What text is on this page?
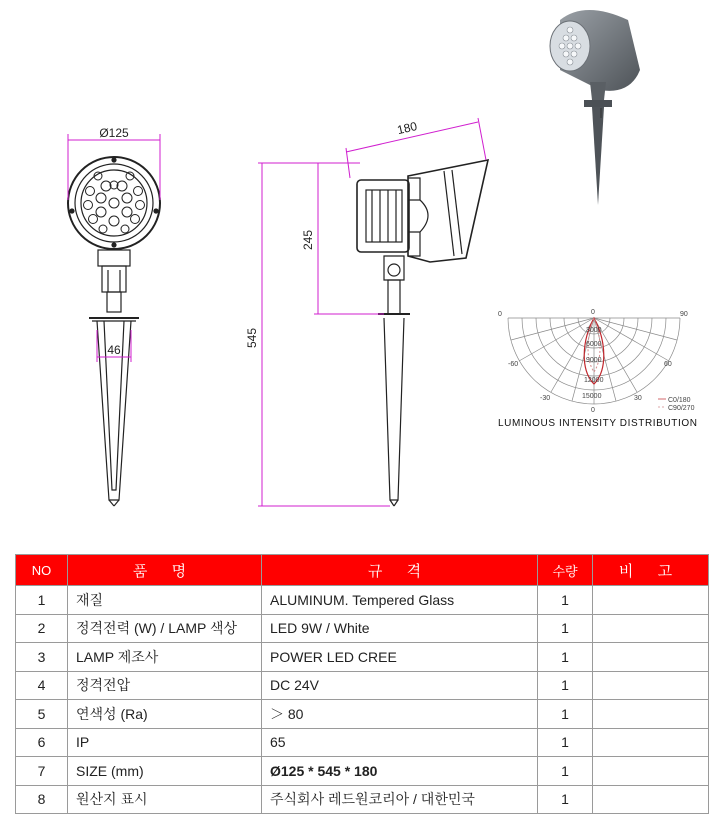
Ø125
46
545
245
180
3000
6000
9000
12000
15000
0	0	90
-60	60
-30	30
0
C0/180
C90/270
LUMINOUS INTENSITY DISTRIBUTION
NO	품 명	규 격	수량	비 고
1	재질	ALUMINUM. Tempered Glass	1	
2	정격전력 (W) / LAMP 색상	LED 9W / White	1	
3	LAMP 제조사	POWER LED CREE	1	
4	정격전압	DC 24V	1	
5	연색성 (Ra)	＞ 80	1	
6	IP	65	1	
7	SIZE (mm)	Ø125 * 545 * 180	1	
8	원산지 표시	주식회사 레드원코리아 / 대한민국	1	
